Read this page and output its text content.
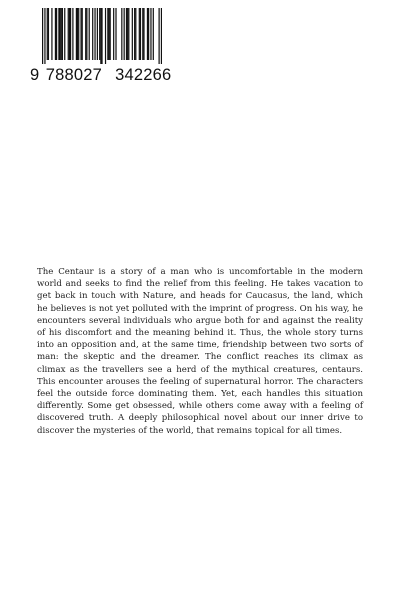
9 788027   342266

The Centaur is a story of a man who is uncomfortable in the modern world and seeks to find the relief from this feeling. He takes vacation to get back in touch with Nature, and heads for Caucasus, the land, which he believes is not yet polluted with the imprint of progress. On his way, he encounters several individuals who argue both for and against the reality of his discomfort and the meaning behind it. Thus, the whole story turns into an opposition and, at the same time, friendship between two sorts of man: the skeptic and the dreamer. The conflict reaches its climax as climax as the travellers see a herd of the mythical creatures, centaurs. This encounter arouses the feeling of supernatural horror. The characters feel the outside force dominating them. Yet, each handles this situation differently. Some get obsessed, while others come away with a feeling of discovered truth. A deeply philosophical novel about our inner drive to discover the mysteries of the world, that remains topical for all times.
